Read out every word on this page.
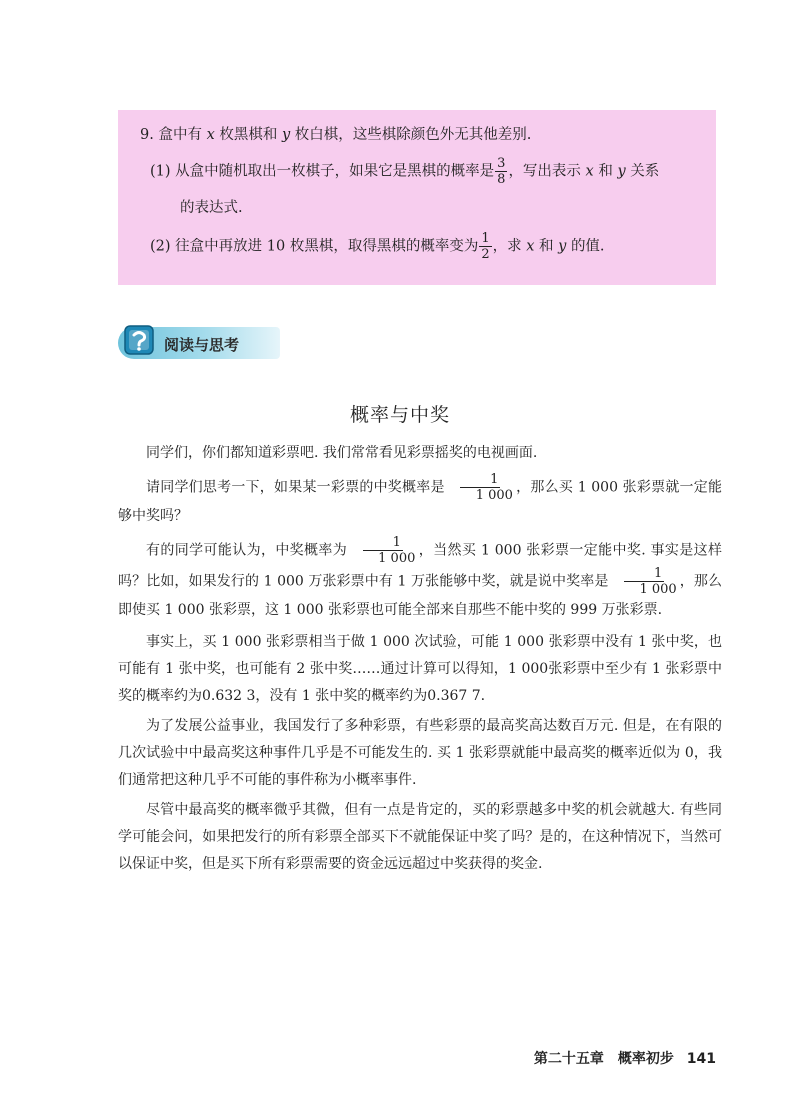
9. 盒中有 x 枚黑棋和 y 枚白棋，这些棋除颜色外无其他差别.
(1) 从盒中随机取出一枚棋子，如果它是黑棋的概率是 $\frac{3}{8}$ ，写出表示 x 和 y 关系
的表达式.
(2) 往盒中再放进 10 枚黑棋，取得黑棋的概率变为 $\frac{1}{2}$ ，求 x 和 y 的值.
阅读与思考
概率与中奖

同学们，你们都知道彩票吧. 我们常常看见彩票摇奖的电视画面.

请同学们思考一下，如果某一彩票的中奖概率是 $\frac{1}{1 000}$ ，那么买 1 000 张彩票就一定能够中奖吗？

有的同学可能认为，中奖概率为 $\frac{1}{1 000}$ ，当然买 1 000 张彩票一定能中奖. 事实是这样吗？比如，如果发行的 1 000 万张彩票中有 1 万张能够中奖，就是说中奖率是 $\frac{1}{1 000}$ ，那么即使买 1 000 张彩票，这 1 000 张彩票也可能全部来自那些不能中奖的 999 万张彩票.

事实上，买 1 000 张彩票相当于做 1 000 次试验，可能 1 000 张彩票中没有 1 张中奖，也可能有 1 张中奖，也可能有 2 张中奖……通过计算可以得知，1 000张彩票中至少有 1 张彩票中奖的概率约为0.632 3，没有 1 张中奖的概率约为0.367 7.

为了发展公益事业，我国发行了多种彩票，有些彩票的最高奖高达数百万元. 但是，在有限的几次试验中中最高奖这种事件几乎是不可能发生的. 买 1 张彩票就能中最高奖的概率近似为 0，我们通常把这种几乎不可能的事件称为小概率事件.

尽管中最高奖的概率微乎其微，但有一点是肯定的，买的彩票越多中奖的机会就越大. 有些同学可能会问，如果把发行的所有彩票全部买下不就能保证中奖了吗？是的，在这种情况下，当然可以保证中奖，但是买下所有彩票需要的资金远远超过中奖获得的奖金.

第二十五章　概率初步 141
